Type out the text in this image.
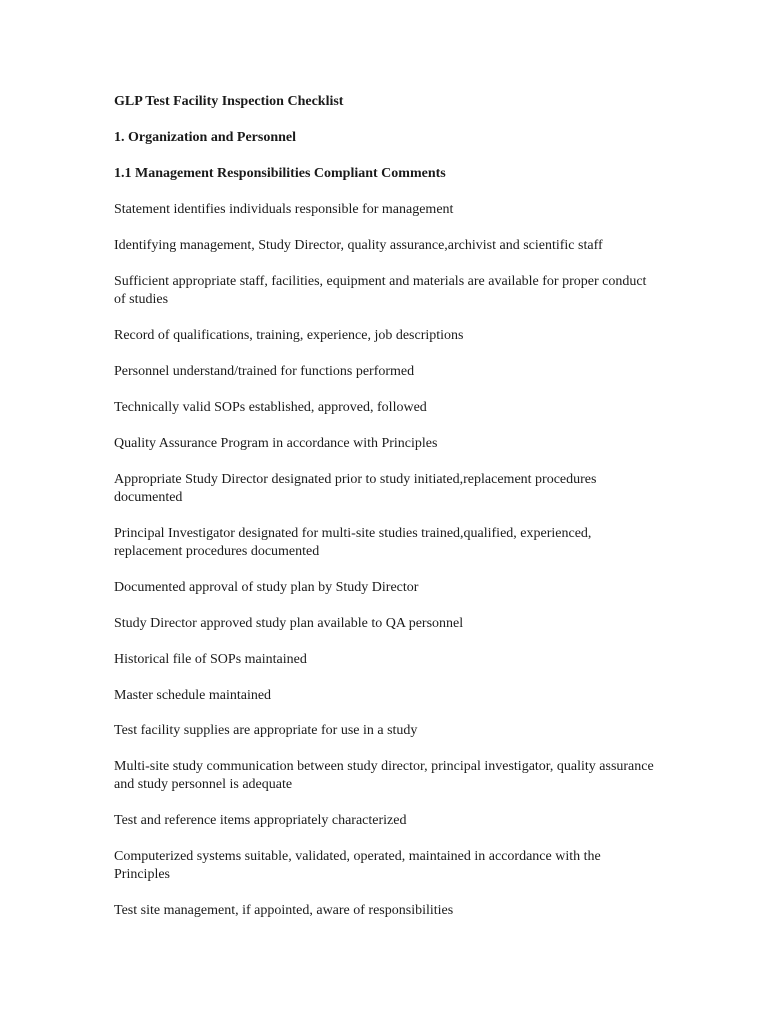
GLP Test Facility Inspection Checklist

1. Organization and Personnel

1.1 Management Responsibilities Compliant Comments

Statement identifies individuals responsible for management

Identifying management, Study Director, quality assurance,archivist and scientific staff

Sufficient appropriate staff, facilities, equipment and materials are available for proper conduct of studies

Record of qualifications, training, experience, job descriptions

Personnel understand/trained for functions performed

Technically valid SOPs established, approved, followed

Quality Assurance Program in accordance with Principles

Appropriate Study Director designated prior to study initiated,replacement procedures documented

Principal Investigator designated for multi-site studies trained,qualified, experienced, replacement procedures documented

Documented approval of study plan by Study Director

Study Director approved study plan available to QA personnel

Historical file of SOPs maintained

Master schedule maintained

Test facility supplies are appropriate for use in a study

Multi-site study communication between study director, principal investigator, quality assurance and study personnel is adequate

Test and reference items appropriately characterized

Computerized systems suitable, validated, operated, maintained in accordance with the Principles

Test site management, if appointed, aware of responsibilities
